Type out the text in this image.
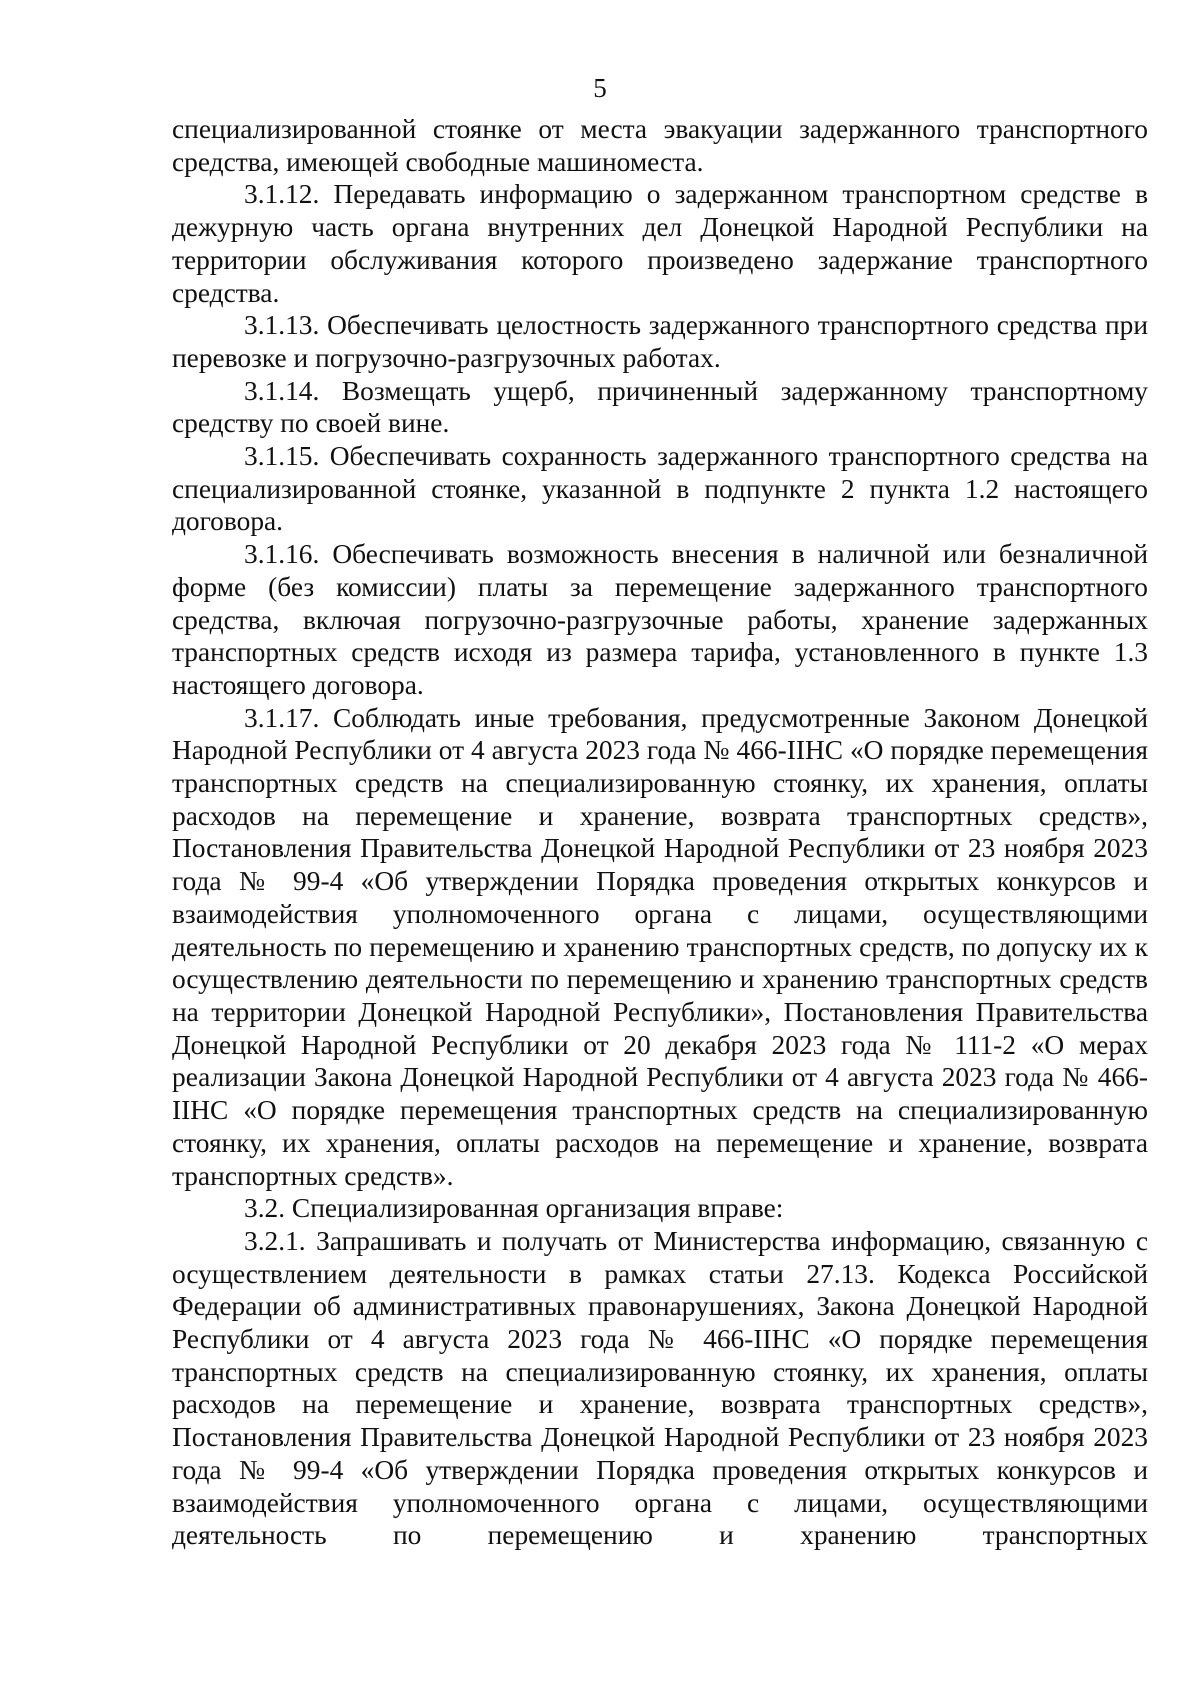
5

специализированной стоянке от места эвакуации задержанного транспортного средства, имеющей свободные машиноместа.

3.1.12. Передавать информацию о задержанном транспортном средстве в дежурную часть органа внутренних дел Донецкой Народной Республики на территории обслуживания которого произведено задержание транспортного средства.

3.1.13. Обеспечивать целостность задержанного транспортного средства при перевозке и погрузочно-разгрузочных работах.

3.1.14. Возмещать ущерб, причиненный задержанному транспортному средству по своей вине.

3.1.15. Обеспечивать сохранность задержанного транспортного средства на специализированной стоянке, указанной в подпункте 2 пункта 1.2 настоящего договора.

3.1.16. Обеспечивать возможность внесения в наличной или безналичной форме (без комиссии) платы за перемещение задержанного транспортного средства, включая погрузочно-разгрузочные работы, хранение задержанных транспортных средств исходя из размера тарифа, установленного в пункте 1.3 настоящего договора.

3.1.17. Соблюдать иные требования, предусмотренные Законом Донецкой Народной Республики от 4 августа 2023 года № 466-IIНС «О порядке перемещения транспортных средств на специализированную стоянку, их хранения, оплаты расходов на перемещение и хранение, возврата транспортных средств», Постановления Правительства Донецкой Народной Республики от 23 ноября 2023 года № 99-4 «Об утверждении Порядка проведения открытых конкурсов и взаимодействия уполномоченного органа с лицами, осуществляющими деятельность по перемещению и хранению транспортных средств, по допуску их к осуществлению деятельности по перемещению и хранению транспортных средств на территории Донецкой Народной Республики», Постановления Правительства Донецкой Народной Республики от 20 декабря 2023 года № 111-2 «О мерах реализации Закона Донецкой Народной Республики от 4 августа 2023 года № 466-IIНС «О порядке перемещения транспортных средств на специализированную стоянку, их хранения, оплаты расходов на перемещение и хранение, возврата транспортных средств».

3.2. Специализированная организация вправе:

3.2.1. Запрашивать и получать от Министерства информацию, связанную с осуществлением деятельности в рамках статьи 27.13. Кодекса Российской Федерации об административных правонарушениях, Закона Донецкой Народной Республики от 4 августа 2023 года № 466-IIНС «О порядке перемещения транспортных средств на специализированную стоянку, их хранения, оплаты расходов на перемещение и хранение, возврата транспортных средств», Постановления Правительства Донецкой Народной Республики от 23 ноября 2023 года № 99-4 «Об утверждении Порядка проведения открытых конкурсов и взаимодействия уполномоченного органа с лицами, осуществляющими деятельность по перемещению и хранению транспортных
